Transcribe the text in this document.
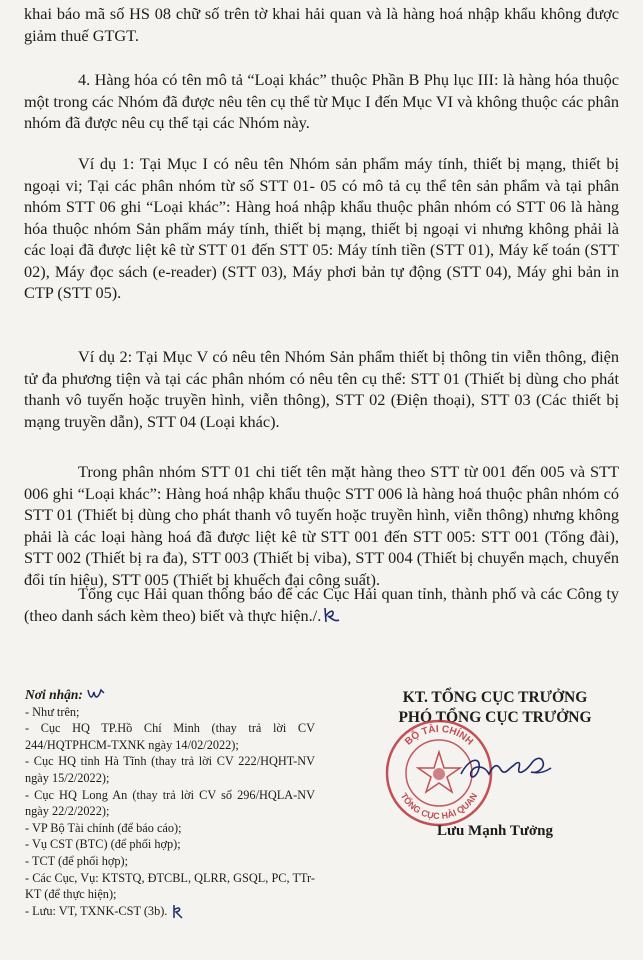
khai báo mã số HS 08 chữ số trên tờ khai hải quan và là hàng hoá nhập khẩu không được giảm thuế GTGT.

4. Hàng hóa có tên mô tả “Loại khác” thuộc Phần B Phụ lục III: là hàng hóa thuộc một trong các Nhóm đã được nêu tên cụ thể từ Mục I đến Mục VI và không thuộc các phân nhóm đã được nêu cụ thể tại các Nhóm này.

Ví dụ 1: Tại Mục I có nêu tên Nhóm sản phẩm máy tính, thiết bị mạng, thiết bị ngoại vi; Tại các phân nhóm từ số STT 01- 05 có mô tả cụ thể tên sản phẩm và tại phân nhóm STT 06 ghi “Loại khác”: Hàng hoá nhập khẩu thuộc phân nhóm có STT 06 là hàng hóa thuộc nhóm Sản phẩm máy tính, thiết bị mạng, thiết bị ngoại vi nhưng không phải là các loại đã được liệt kê từ STT 01 đến STT 05: Máy tính tiền (STT 01), Máy kế toán (STT 02), Máy đọc sách (e-reader) (STT 03), Máy phơi bản tự động (STT 04), Máy ghi bản in CTP (STT 05).

Ví dụ 2: Tại Mục V có nêu tên Nhóm Sản phẩm thiết bị thông tin viễn thông, điện tử đa phương tiện và tại các phân nhóm có nêu tên cụ thể: STT 01 (Thiết bị dùng cho phát thanh vô tuyến hoặc truyền hình, viễn thông), STT 02 (Điện thoại), STT 03 (Các thiết bị mạng truyền dẫn), STT 04 (Loại khác).

Trong phân nhóm STT 01 chi tiết tên mặt hàng theo STT từ 001 đến 005 và STT 006 ghi “Loại khác”: Hàng hoá nhập khẩu thuộc STT 006 là hàng hoá thuộc phân nhóm có STT 01 (Thiết bị dùng cho phát thanh vô tuyến hoặc truyền hình, viễn thông) nhưng không phải là các loại hàng hoá đã được liệt kê từ STT 001 đến STT 005: STT 001 (Tổng đài), STT 002 (Thiết bị ra đa), STT 003 (Thiết bị viba), STT 004 (Thiết bị chuyển mạch, chuyển đổi tín hiệu), STT 005 (Thiết bị khuếch đại công suất).

Tổng cục Hải quan thông báo để các Cục Hải quan tỉnh, thành phố và các Công ty (theo danh sách kèm theo) biết và thực hiện./.

Nơi nhận:
- Như trên;
- Cục HQ TP.Hồ Chí Minh (thay trả lời CV 244/HQTPHCM-TXNK ngày 14/02/2022);
- Cục HQ tỉnh Hà Tĩnh (thay trả lời CV 222/HQHT-NV ngày 15/2/2022);
- Cục HQ Long An (thay trả lời CV số 296/HQLA-NV ngày 22/2/2022);
- VP Bộ Tài chính (để báo cáo);
- Vụ CST (BTC) (để phối hợp);
- TCT (để phối hợp);
- Các Cục, Vụ: KTSTQ, ĐTCBL, QLRR, GSQL, PC, TTr-KT (để thực hiện);
- Lưu: VT, TXNK-CST (3b).
KT. TỔNG CỤC TRƯỞNG
PHÓ TỔNG CỤC TRƯỞNG
BỘ TÀI CHÍNH
TỔNG CỤC HẢI QUAN
Lưu Mạnh Tưởng
